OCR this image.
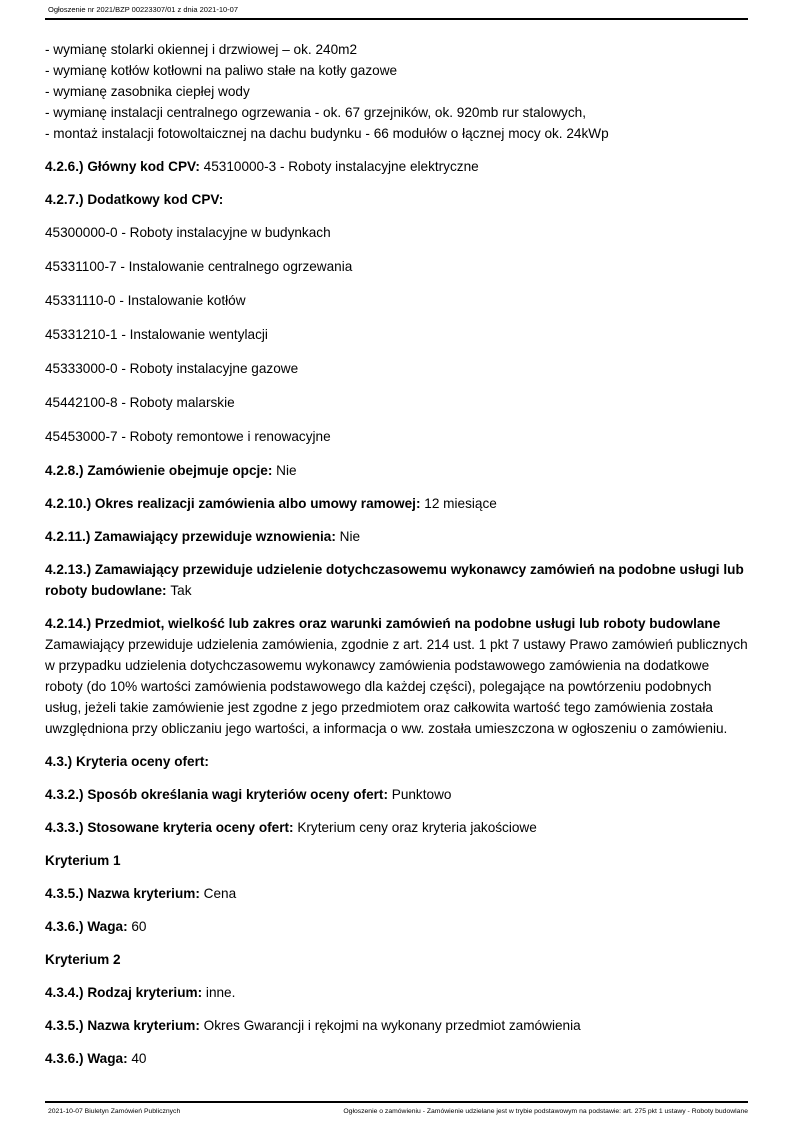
Ogłoszenie nr 2021/BZP 00223307/01 z dnia 2021-10-07
- wymianę stolarki okiennej i drzwiowej – ok. 240m2
- wymianę kotłów kotłowni na paliwo stałe na kotły gazowe
- wymianę zasobnika ciepłej wody
- wymianę instalacji centralnego ogrzewania - ok. 67 grzejników, ok. 920mb rur stalowych,
- montaż instalacji fotowoltaicznej na dachu budynku - 66 modułów o łącznej mocy ok. 24kWp

4.2.6.) Główny kod CPV: 45310000-3 - Roboty instalacyjne elektryczne

4.2.7.) Dodatkowy kod CPV:

45300000-0 - Roboty instalacyjne w budynkach

45331100-7 - Instalowanie centralnego ogrzewania

45331110-0 - Instalowanie kotłów

45331210-1 - Instalowanie wentylacji

45333000-0 - Roboty instalacyjne gazowe

45442100-8 - Roboty malarskie

45453000-7 - Roboty remontowe i renowacyjne

4.2.8.) Zamówienie obejmuje opcje: Nie

4.2.10.) Okres realizacji zamówienia albo umowy ramowej: 12 miesiące

4.2.11.) Zamawiający przewiduje wznowienia: Nie

4.2.13.) Zamawiający przewiduje udzielenie dotychczasowemu wykonawcy zamówień na podobne usługi lub roboty budowlane: Tak

4.2.14.) Przedmiot, wielkość lub zakres oraz warunki zamówień na podobne usługi lub roboty budowlane Zamawiający przewiduje udzielenia zamówienia, zgodnie z art. 214 ust. 1 pkt 7 ustawy Prawo zamówień publicznych w przypadku udzielenia dotychczasowemu wykonawcy zamówienia podstawowego zamówienia na dodatkowe roboty (do 10% wartości zamówienia podstawowego dla każdej części), polegające na powtórzeniu podobnych usług, jeżeli takie zamówienie jest zgodne z jego przedmiotem oraz całkowita wartość tego zamówienia została uwzględniona przy obliczaniu jego wartości, a informacja o ww. została umieszczona w ogłoszeniu o zamówieniu.

4.3.) Kryteria oceny ofert:

4.3.2.) Sposób określania wagi kryteriów oceny ofert: Punktowo

4.3.3.) Stosowane kryteria oceny ofert: Kryterium ceny oraz kryteria jakościowe

Kryterium 1

4.3.5.) Nazwa kryterium: Cena

4.3.6.) Waga: 60

Kryterium 2

4.3.4.) Rodzaj kryterium: inne.

4.3.5.) Nazwa kryterium: Okres Gwarancji i rękojmi na wykonany przedmiot zamówienia

4.3.6.) Waga: 40

2021-10-07 Biuletyn Zamówień Publicznych	Ogłoszenie o zamówieniu - Zamówienie udzielane jest w trybie podstawowym na podstawie: art. 275 pkt 1 ustawy - Roboty budowlane
